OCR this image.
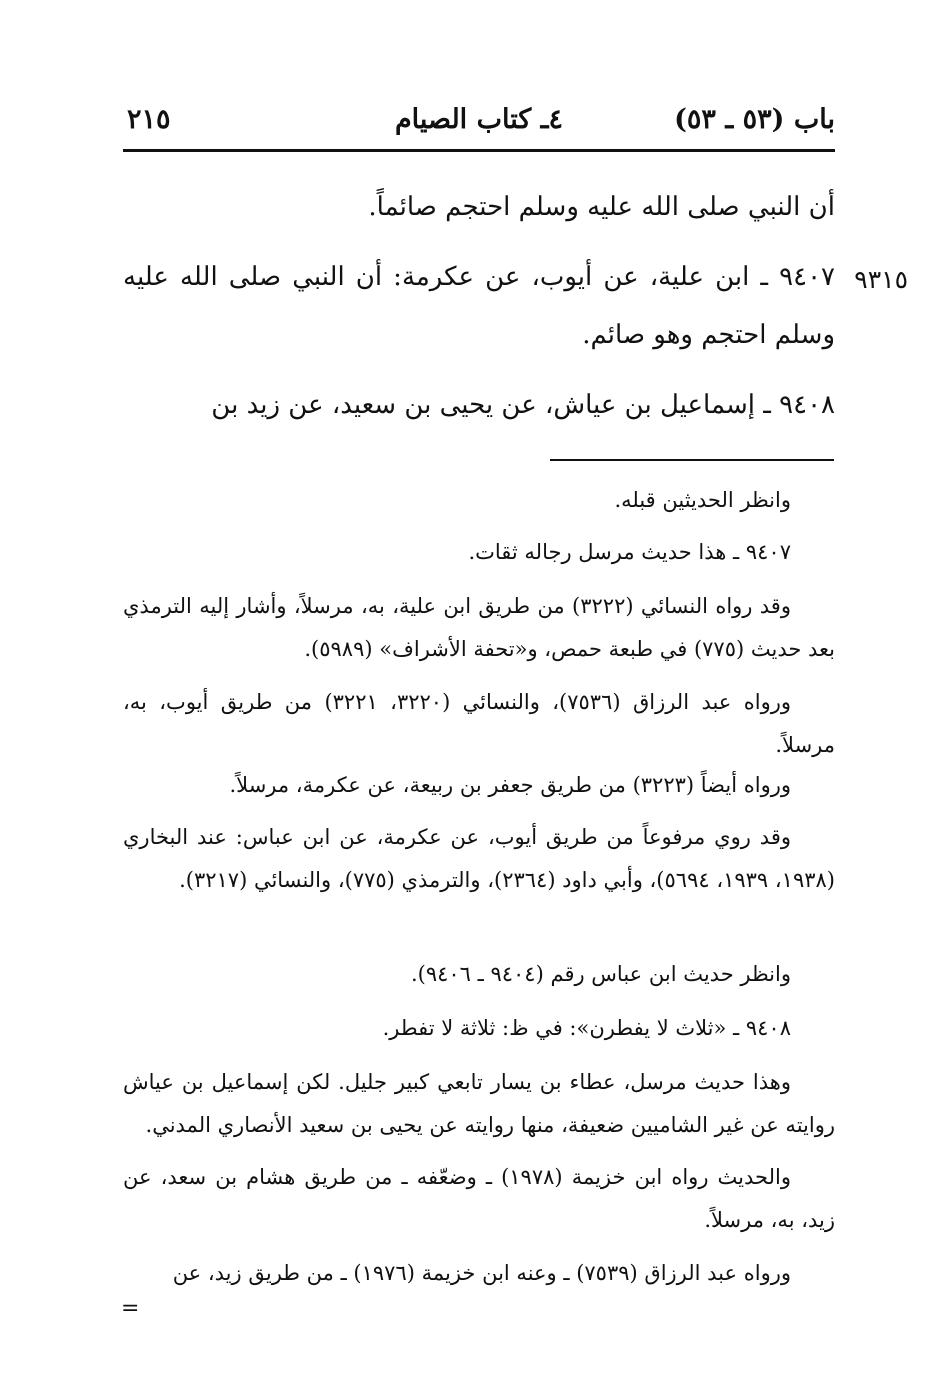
باب (٥٣ ـ ٥٣)
٤ـ كتاب الصيام
٢١٥
أن النبي صلى الله عليه وسلم احتجم صائماً.
٩٣١٥
٩٤٠٧ ـ ابن علية، عن أيوب، عن عكرمة: أن النبي صلى الله عليه وسلم احتجم وهو صائم.
٩٤٠٨ ـ إسماعيل بن عياش، عن يحيى بن سعيد، عن زيد بن
وانظر الحديثين قبله.
٩٤٠٧ ـ هذا حديث مرسل رجاله ثقات.
وقد رواه النسائي (٣٢٢٢) من طريق ابن علية، به، مرسلاً، وأشار إليه الترمذي بعد حديث (٧٧٥) في طبعة حمص، و«تحفة الأشراف» (٥٩٨٩).
ورواه عبد الرزاق (٧٥٣٦)، والنسائي (٣٢٢٠، ٣٢٢١) من طريق أيوب، به، مرسلاً.
ورواه أيضاً (٣٢٢٣) من طريق جعفر بن ربيعة، عن عكرمة، مرسلاً.
وقد روي مرفوعاً من طريق أيوب، عن عكرمة، عن ابن عباس: عند البخاري (١٩٣٨، ١٩٣٩، ٥٦٩٤)، وأبي داود (٢٣٦٤)، والترمذي (٧٧٥)، والنسائي (٣٢١٧).
وانظر حديث ابن عباس رقم (٩٤٠٤ ـ ٩٤٠٦).
٩٤٠٨ ـ «ثلاث لا يفطرن»: في ظ: ثلاثة لا تفطر.
وهذا حديث مرسل، عطاء بن يسار تابعي كبير جليل. لكن إسماعيل بن عياش روايته عن غير الشاميين ضعيفة، منها روايته عن يحيى بن سعيد الأنصاري المدني.
والحديث رواه ابن خزيمة (١٩٧٨) ـ وضعّفه ـ من طريق هشام بن سعد، عن زيد، به، مرسلاً.
ورواه عبد الرزاق (٧٥٣٩) ـ وعنه ابن خزيمة (١٩٧٦) ـ من طريق زيد، عن
=
